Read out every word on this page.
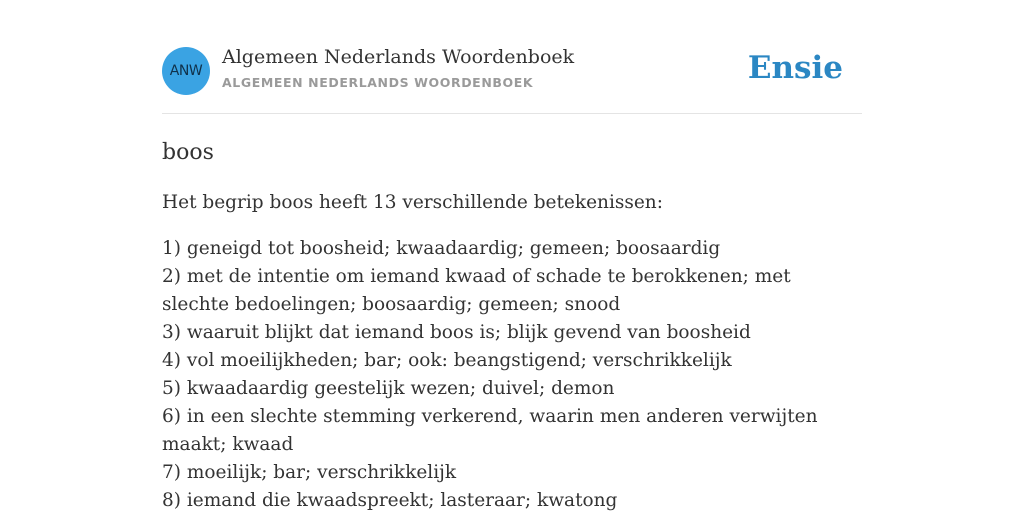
ANW
Algemeen Nederlands Woordenboek
ALGEMEEN NEDERLANDS WOORDENBOEK	Ensie
boos
Het begrip boos heeft 13 verschillende betekenissen:
1) geneigd tot boosheid; kwaadaardig; gemeen; boosaardig
2) met de intentie om iemand kwaad of schade te berokkenen; met slechte bedoelingen; boosaardig; gemeen; snood
3) waaruit blijkt dat iemand boos is; blijk gevend van boosheid
4) vol moeilijkheden; bar; ook: beangstigend; verschrikkelijk
5) kwaadaardig geestelijk wezen; duivel; demon
6) in een slechte stemming verkerend, waarin men anderen verwijten maakt; kwaad
7) moeilijk; bar; verschrikkelijk
8) iemand die kwaadspreekt; lasteraar; kwatong
